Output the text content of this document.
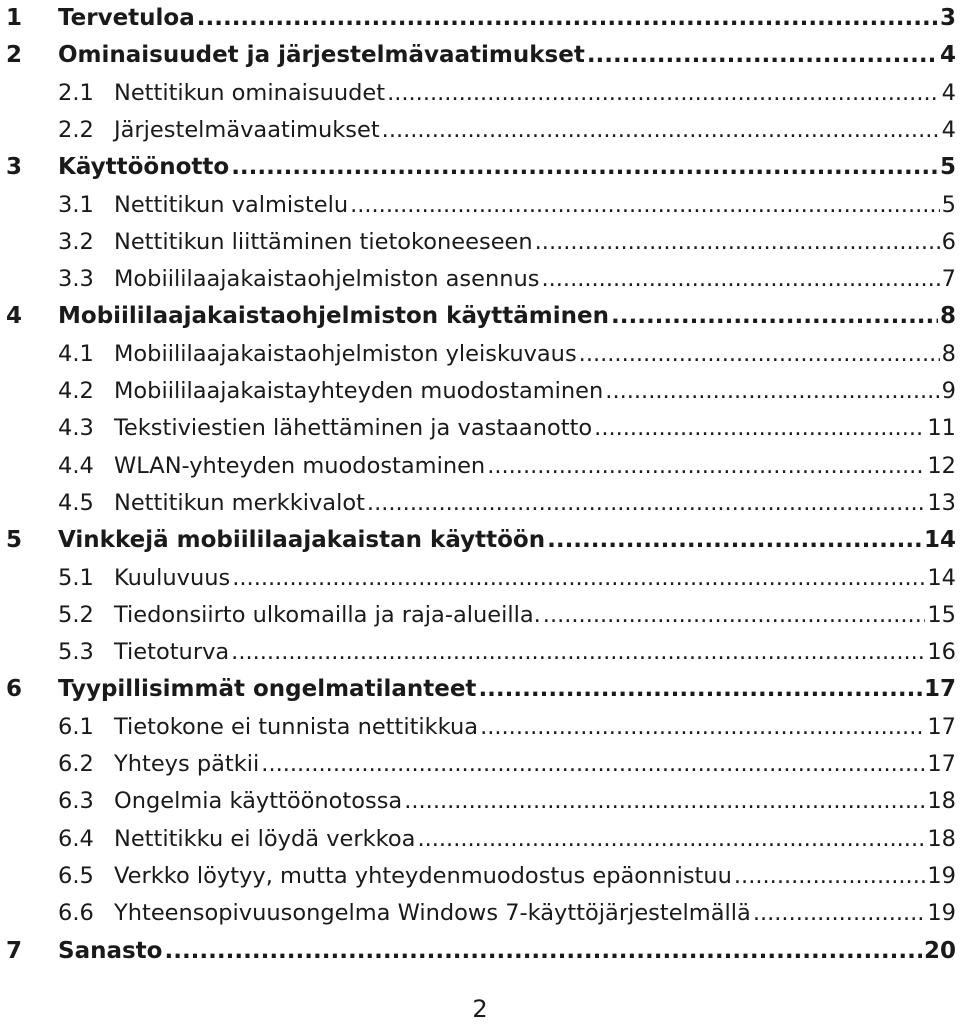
1 Tervetuloa .....	3
2 Ominaisuudet ja järjestelmävaatimukset .....	4
2.1 Nettitikun ominaisuudet .....	4
2.2 Järjestelmävaatimukset .....	4
3 Käyttöönotto .....	5
3.1 Nettitikun valmistelu .....	5
3.2 Nettitikun liittäminen tietokoneeseen .....	6
3.3 Mobiililaajakaistaohjelmiston asennus .....	7
4 Mobiililaajakaistaohjelmiston käyttäminen .....	8
4.1 Mobiililaajakaistaohjelmiston yleiskuvaus .....	8
4.2 Mobiililaajakaistayhteyden muodostaminen .....	9
4.3 Tekstiviestien lähettäminen ja vastaanotto .....	11
4.4 WLAN-yhteyden muodostaminen .....	12
4.5 Nettitikun merkkivalot .....	13
5 Vinkkejä mobiililaajakaistan käyttöön .....	14
5.1 Kuuluvuus .....	14
5.2 Tiedonsiirto ulkomailla ja raja-alueilla. .....	15
5.3 Tietoturva .....	16
6 Tyypillisimmät ongelmatilanteet .....	17
6.1 Tietokone ei tunnista nettitikkua .....	17
6.2 Yhteys pätkii .....	17
6.3 Ongelmia käyttöönotossa .....	18
6.4 Nettitikku ei löydä verkkoa .....	18
6.5 Verkko löytyy, mutta yhteydenmuodostus epäonnistuu .....	19
6.6 Yhteensopivuusongelma Windows 7-käyttöjärjestelmällä .....	19
7 Sanasto .....	20
2
